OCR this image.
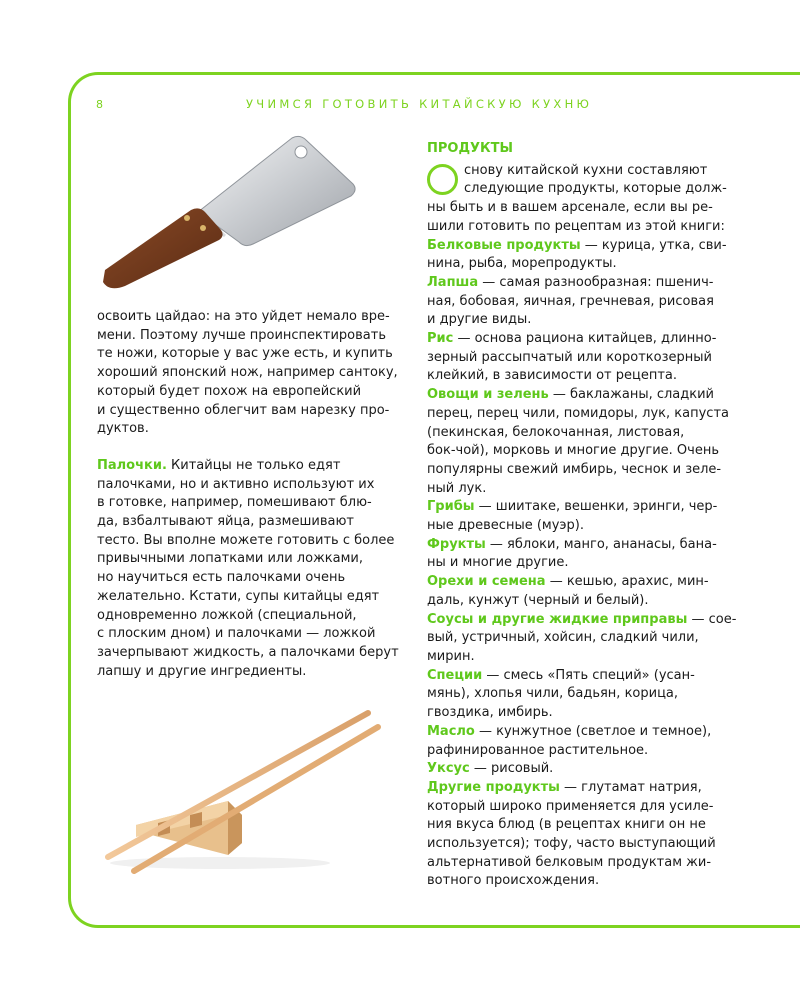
8	УЧИМСЯ ГОТОВИТЬ КИТАЙСКУЮ КУХНЮ

освоить цайдао: на это уйдет немало вре-
мени. Поэтому лучше проинспектировать
те ножи, которые у вас уже есть, и купить
хороший японский нож, например сантоку,
который будет похож на европейский
и существенно облегчит вам нарезку про-
дуктов.

Палочки. Китайцы не только едят
палочками, но и активно используют их
в готовке, например, помешивают блю-
да, взбалтывают яйца, размешивают
тесто. Вы вполне можете готовить с более
привычными лопатками или ложками,
но научиться есть палочками очень
желательно. Кстати, супы китайцы едят
одновременно ложкой (специальной,
с плоским дном) и палочками — ложкой
зачерпывают жидкость, а палочками берут
лапшу и другие ингредиенты.

ПРОДУКТЫ

снову китайской кухни составляют
следующие продукты, которые долж-
ны быть и в вашем арсенале, если вы ре-
шили готовить по рецептам из этой книги:

Белковые продукты — курица, утка, сви-
нина, рыба, морепродукты.

Лапша — самая разнообразная: пшенич-
ная, бобовая, яичная, гречневая, рисовая
и другие виды.

Рис — основа рациона китайцев, длинно-
зерный рассыпчатый или короткозерный
клейкий, в зависимости от рецепта.

Овощи и зелень — баклажаны, сладкий
перец, перец чили, помидоры, лук, капуста
(пекинская, белокочанная, листовая,
бок-чой), морковь и многие другие. Очень
популярны свежий имбирь, чеснок и зеле-
ный лук.

Грибы — шиитаке, вешенки, эринги, чер-
ные древесные (муэр).

Фрукты — яблоки, манго, ананасы, бана-
ны и многие другие.

Орехи и семена — кешью, арахис, мин-
даль, кунжут (черный и белый).

Соусы и другие жидкие приправы — сое-
вый, устричный, хойсин, сладкий чили,
мирин.

Специи — смесь «Пять специй» (усан-
мянь), хлопья чили, бадьян, корица,
гвоздика, имбирь.

Масло — кунжутное (светлое и темное),
рафинированное растительное.

Уксус — рисовый.

Другие продукты — глутамат натрия,
который широко применяется для усиле-
ния вкуса блюд (в рецептах книги он не
используется); тофу, часто выступающий
альтернативой белковым продуктам жи-
вотного происхождения.
